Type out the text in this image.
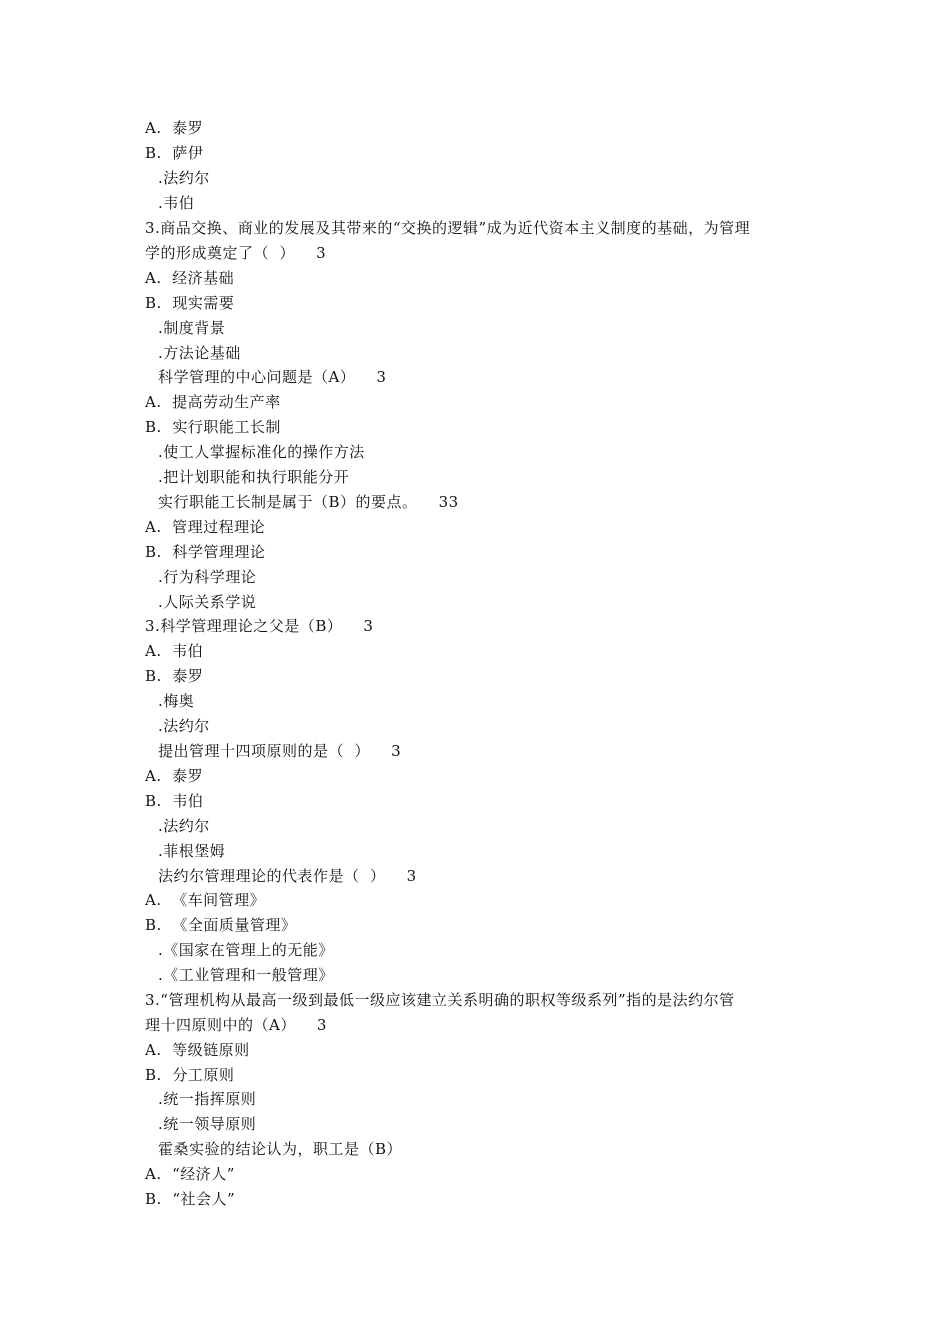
A.  泰罗
B.  萨伊
.法约尔
.韦伯
3.商品交换、商业的发展及其带来的“交换的逻辑”成为近代资本主义制度的基础，为管理
学的形成奠定了（  ）    3
A.  经济基础
B.  现实需要
.制度背景
.方法论基础
科学管理的中心问题是（A）    3
A.  提高劳动生产率
B.  实行职能工长制
.使工人掌握标准化的操作方法
.把计划职能和执行职能分开
实行职能工长制是属于（B）的要点。    33
A.  管理过程理论
B.  科学管理理论
.行为科学理论
.人际关系学说
3.科学管理理论之父是（B）    3
A.  韦伯
B.  泰罗
.梅奥
.法约尔
提出管理十四项原则的是（  ）    3
A.  泰罗
B.  韦伯
.法约尔
.菲根堡姆
法约尔管理理论的代表作是（  ）    3
A.  《车间管理》
B.  《全面质量管理》
.《国家在管理上的无能》
.《工业管理和一般管理》
3.“管理机构从最高一级到最低一级应该建立关系明确的职权等级系列”指的是法约尔管
理十四原则中的（A）    3
A.  等级链原则
B.  分工原则
.统一指挥原则
.统一领导原则
霍桑实验的结论认为，职工是（B）
A.  “经济人”
B.  “社会人”
